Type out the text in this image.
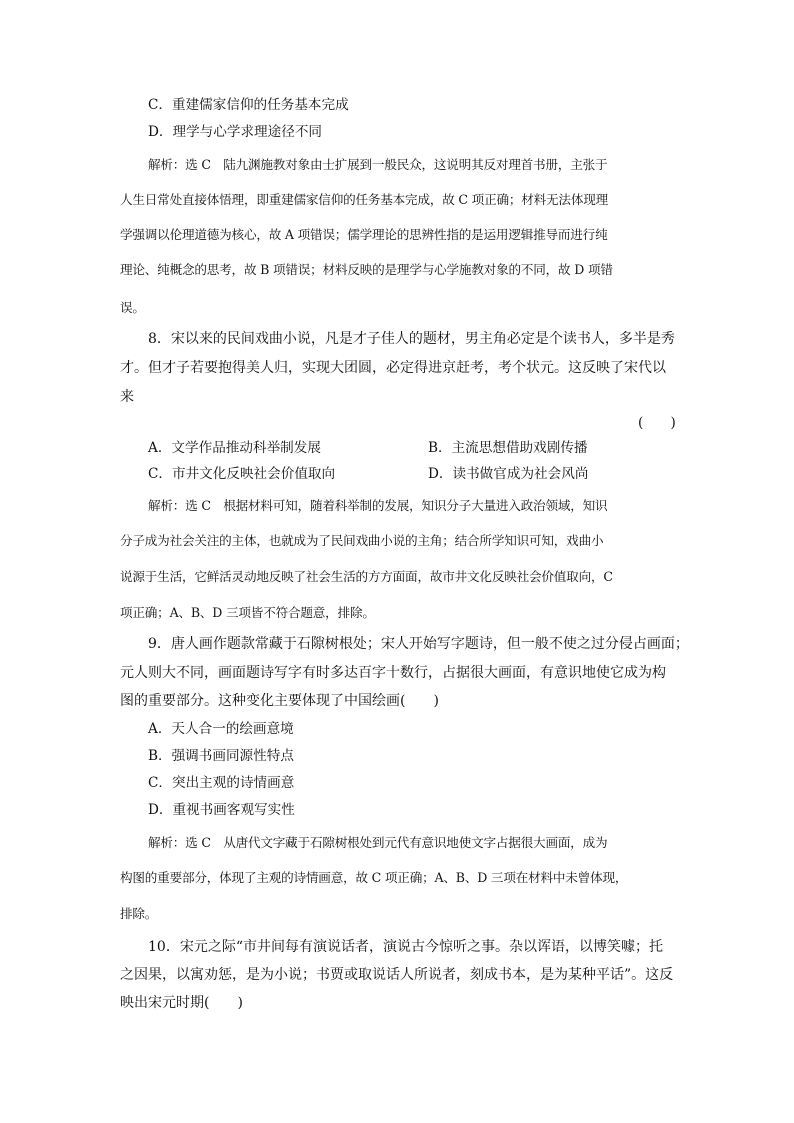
C．重建儒家信仰的任务基本完成
D．理学与心学求理途径不同
解析：选 C　陆九渊施教对象由士扩展到一般民众，这说明其反对理首书册，主张于
人生日常处直接体悟理，即重建儒家信仰的任务基本完成，故 C 项正确；材料无法体现理
学强调以伦理道德为核心，故 A 项错误；儒学理论的思辨性指的是运用逻辑推导而进行纯
理论、纯概念的思考，故 B 项错误；材料反映的是理学与心学施教对象的不同，故 D 项错
误。
8．宋以来的民间戏曲小说，凡是才子佳人的题材，男主角必定是个读书人，多半是秀
才。但才子若要抱得美人归，实现大团圆，必定得进京赶考，考个状元。这反映了宋代以
来
(　　)
A．文学作品推动科举制发展	B．主流思想借助戏剧传播
C．市井文化反映社会价值取向	D．读书做官成为社会风尚
解析：选 C　根据材料可知，随着科举制的发展，知识分子大量进入政治领域，知识
分子成为社会关注的主体，也就成为了民间戏曲小说的主角；结合所学知识可知，戏曲小
说源于生活，它鲜活灵动地反映了社会生活的方方面面，故市井文化反映社会价值取向，C
项正确；A、B、D 三项皆不符合题意，排除。
9．唐人画作题款常藏于石隙树根处；宋人开始写字题诗，但一般不使之过分侵占画面；
元人则大不同，画面题诗写字有时多达百字十数行，占据很大画面，有意识地使它成为构
图的重要部分。这种变化主要体现了中国绘画(　　)
A．天人合一的绘画意境
B．强调书画同源性特点
C．突出主观的诗情画意
D．重视书画客观写实性
解析：选 C　从唐代文字藏于石隙树根处到元代有意识地使文字占据很大画面，成为
构图的重要部分，体现了主观的诗情画意，故 C 项正确；A、B、D 三项在材料中未曾体现，
排除。
10．宋元之际“市井间每有演说话者，演说古今惊听之事。杂以诨语，以博笑噱；托
之因果，以寓劝惩，是为小说；书贾或取说话人所说者，刻成书本，是为某种平话”。这反
映出宋元时期(　　)
